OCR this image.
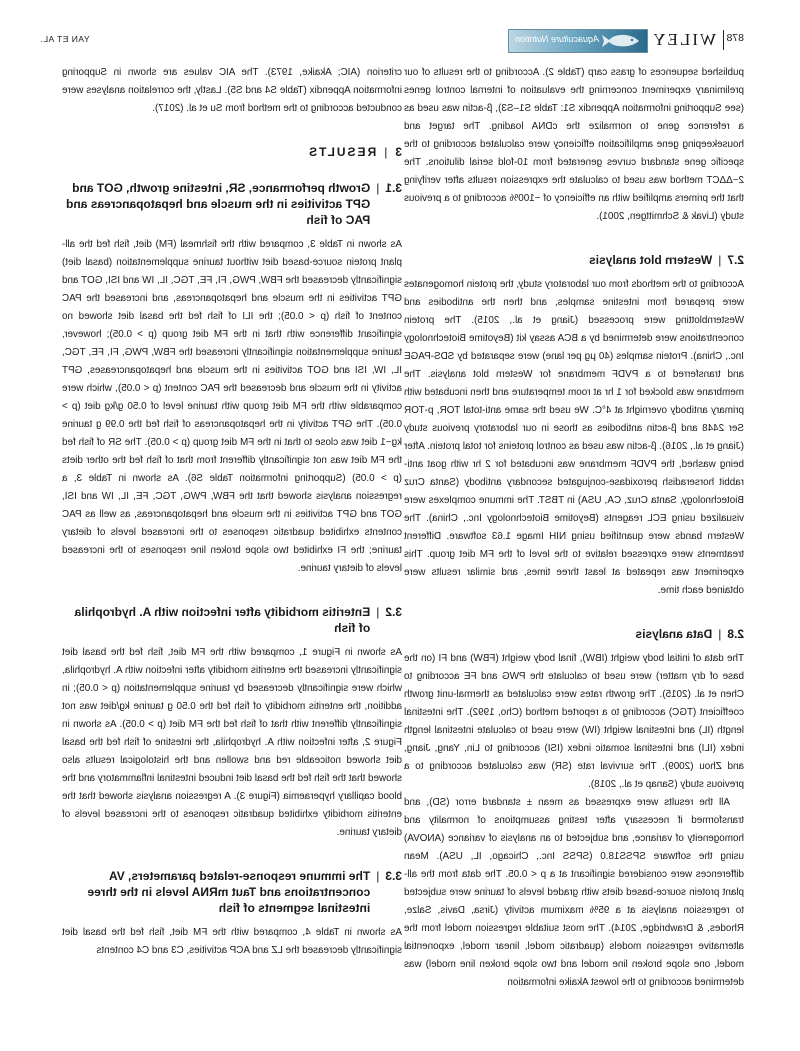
878
WILEY
Aquaculture Nutrition
YAN ET AL.

published sequences of grass carp (Table 2). According to the results of our preliminary experiment concerning the evaluation of internal control genes (see Supporting information Appendix S1: Table S1–S3), β-actin was used as a reference gene to normalize the cDNA loading. The target and housekeeping gene amplification efficiency were calculated according to the specific gene standard curves generated from 10-fold serial dilutions. The 2−ΔΔCT method was used to calculate the expression results after verifying that the primers amplified with an efficiency of ~100% according to a previous study (Livak & Schmittgen, 2001).

2.7
|
Western blot analysis

According to the methods from our laboratory study, the protein homogenates were prepared from intestine samples, and then the antibodies and Westernblotting were processed (Jiang et al., 2015). The protein concentrations were determined by a BCA assay kit (Beyotime Biotechnology Inc., China). Protein samples (40 μg per lane) were separated by SDS-PAGE and transferred to a PVDF membrane for Western blot analysis. The membrane was blocked for 1 hr at room temperature and then incubated with primary antibody overnight at 4°C. We used the same anti-total TOR, p-TOR Ser 2448 and β-actin antibodies as those in our laboratory previous study (Jiang et al., 2016). β-actin was used as control proteins for total protein. After being washed, the PVDF membrane was incubated for 2 hr with goat anti-rabbit horseradish peroxidase-conjugated secondary antibody (Santa Cruz Biotechnology, Santa Cruz, CA, USA) in TBST. The immune complexes were visualized using ECL reagents (Beyotime Biotechnology Inc., China). The Western bands were quantified using NIH Image 1.63 software. Different treatments were expressed relative to the level of the FM diet group. This experiment was repeated at least three times, and similar results were obtained each time.

2.8
|
Data analysis

The data of initial body weight (IBW), final body weight (FBW) and FI (on the base of dry matter) were used to calculate the PWG and FE according to Chen et al. (2015). The growth rates were calculated as thermal-unit growth coefficient (TGC) according to a reported method (Cho, 1992). The intestinal length (IL) and intestinal weight (IW) were used to calculate intestinal length index (ILI) and intestinal somatic index (ISI) according to Lin, Yang, Jiang, and Zhou (2009). The survival rate (SR) was calculated according to a previous study (Sanap et al., 2018).

All the results were expressed as mean ± standard error (SD), and transformed if necessary after testing assumptions of normality and homogeneity of variance, and subjected to an analysis of variance (ANOVA) using the software SPSS18.0 (SPSS Inc., Chicago, IL, USA). Mean differences were considered significant at a p < 0.05. The data from the all-plant protein source-based diets with graded levels of taurine were subjected to regression analysis at a 95% maximum activity (Jirsa, Davis, Salze, Rhodes, & Drawbridge, 2014). The most suitable regression model from the alternative regression models (quadratic model, linear model, exponential model, one slope broken line model and two slope broken line model) was determined according to the lowest Akaike information

criterion (AIC; Akaike, 1973). The AIC values are shown in Supporing information Appendix (Table S4 and S5). Lastly, the correlation analyses were conducted according to the method from Su et al. (2017).

3
|
RESULTS
3.1
|
Growth performance, SR, intestine growth, GOT and GPT activities in the muscle and hepatopancreas and PAC of fish

As shown in Table 3, compared with the fishmeal (FM) diet, fish fed the all-plant protein source-based diet without taurine supplementation (basal diet) significantly decreased the FBW, PWG, FI, FE, TGC, IL, IW and ISI, GOT and GPT activities in the muscle and hepatopancreas, and increased the PAC content of fish (p < 0.05); the ILI of fish fed the basal diet showed no significant difference with that in the FM diet group (p > 0.05); however, taurine supplementation significantly increased the FBW, PWG, FI, FE, TGC, IL, IW, ISI and GOT activities in the muscle and hepatopancreases, GPT activity in the muscle and decreased the PAC content (p < 0.05), which were comparable with the FM diet group with taurine level of 0.50 g/kg diet (p > 0.05). The GPT activity in the hepatopancreas of fish fed the 0.99 g taurine kg−1 diet was close to that in the FM diet group (p > 0.05). The SR of fish fed the FM diet was not significantly different from that of fish fed the other diets (p > 0.05) (Supporting information Table S6). As shown in Table 3, a regression analysis showed that the FBW, PWG, TGC, FE, IL, IW and ISI, GOT and GPT activities in the muscle and hepatopancreas, as well as PAC contents exhibited quadratic responses to the increased levels of dietary taurine; the FI exhibited two slope broken line responses to the increased levels of dietary taurine.

3.2
|
Enteritis morbidity after infection with A. hydrophila of fish

As shown in Figure 1, compared with the FM diet, fish fed the basal diet significantly increased the enteritis morbidity after infection with A. hydrophila, which were significantly decreased by taurine supplementation (p < 0.05); in addition, the enteritis morbidity of fish fed the 0.50 g taurine kg/diet was not significantly different with that of fish fed the FM diet (p > 0.05). As shown in Figure 2, after infection with A. hydrophila, the intestine of fish fed the basal diet showed noticeable red and swollen and the histological results also showed that the fish fed the basal diet induced intestinal inflammatory and the blood capillary hyperaemia (Figure 3). A regression analysis showed that the enteritis morbidity exhibited quadratic responses to the increased levels of dietary taurine.

3.3
|
The immune response-related parameters, VA concentrations and Taut mRNA levels in the three intestinal segments of fish

As shown in Table 4, compared with the FM diet, fish fed the basal diet significantly decreased the LZ and ACP activities, C3 and C4 contents
